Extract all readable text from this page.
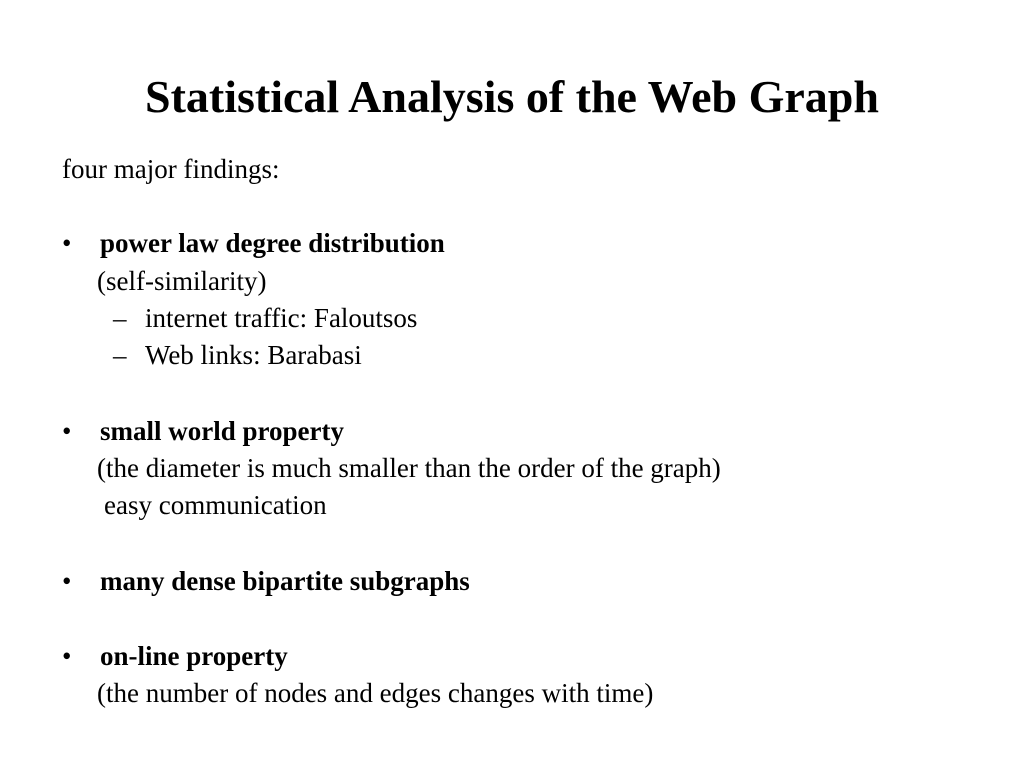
Statistical Analysis of the Web Graph
four major findings:
• power law degree distribution
(self-similarity)
– internet traffic: Faloutsos
– Web links: Barabasi
• small world property
(the diameter is much smaller than the order of the graph)
easy communication
• many dense bipartite subgraphs
• on-line property
(the number of nodes and edges changes with time)
